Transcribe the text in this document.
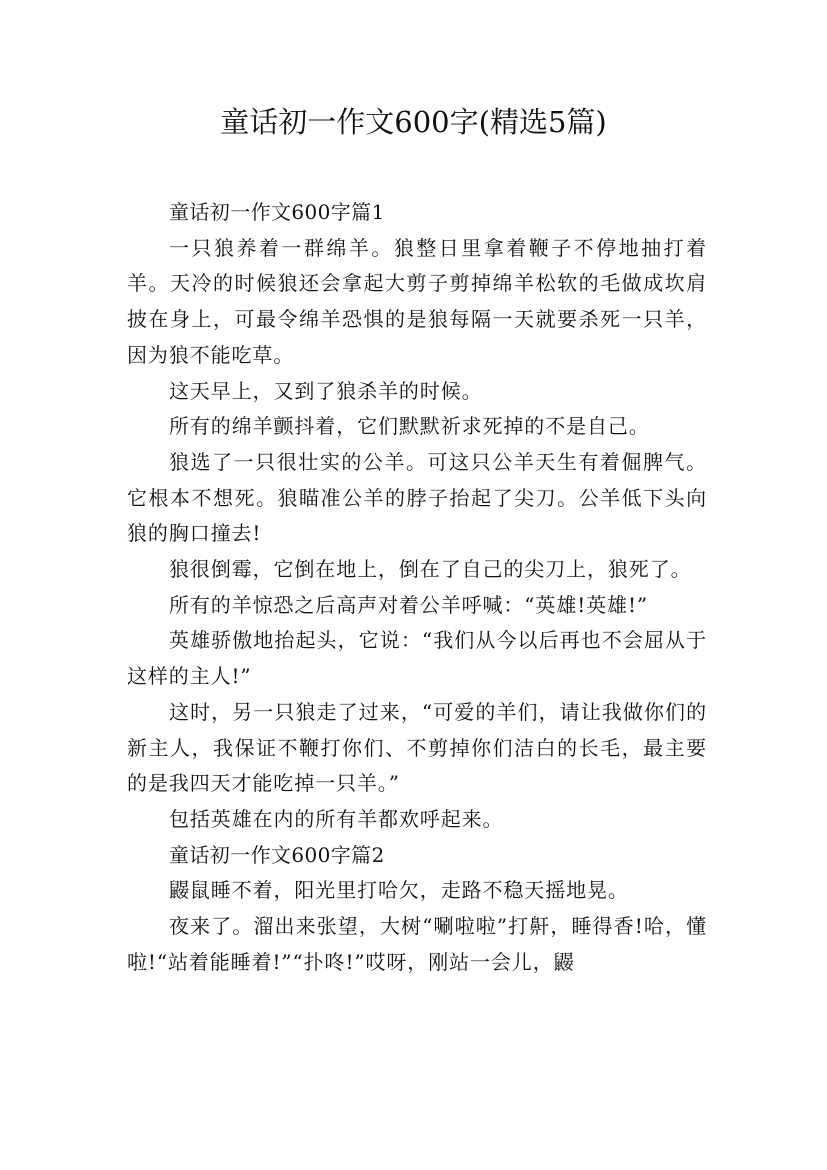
童话初一作文600字(精选5篇)

童话初一作文600字篇1

一只狼养着一群绵羊。狼整日里拿着鞭子不停地抽打着羊。天冷的时候狼还会拿起大剪子剪掉绵羊松软的毛做成坎肩披在身上，可最令绵羊恐惧的是狼每隔一天就要杀死一只羊，因为狼不能吃草。

这天早上，又到了狼杀羊的时候。

所有的绵羊颤抖着，它们默默祈求死掉的不是自己。

狼选了一只很壮实的公羊。可这只公羊天生有着倔脾气。它根本不想死。狼瞄准公羊的脖子抬起了尖刀。公羊低下头向狼的胸口撞去!

狼很倒霉，它倒在地上，倒在了自己的尖刀上，狼死了。

所有的羊惊恐之后高声对着公羊呼喊：“英雄!英雄!”

英雄骄傲地抬起头，它说：“我们从今以后再也不会屈从于这样的主人!”

这时，另一只狼走了过来，“可爱的羊们，请让我做你们的新主人，我保证不鞭打你们、不剪掉你们洁白的长毛，最主要的是我四天才能吃掉一只羊。”

包括英雄在内的所有羊都欢呼起来。

童话初一作文600字篇2

鼹鼠睡不着，阳光里打哈欠，走路不稳天摇地晃。

夜来了。溜出来张望，大树“唰啦啦”打鼾，睡得香!哈，懂啦!“站着能睡着!”“扑咚!”哎呀，刚站一会儿，鼹
